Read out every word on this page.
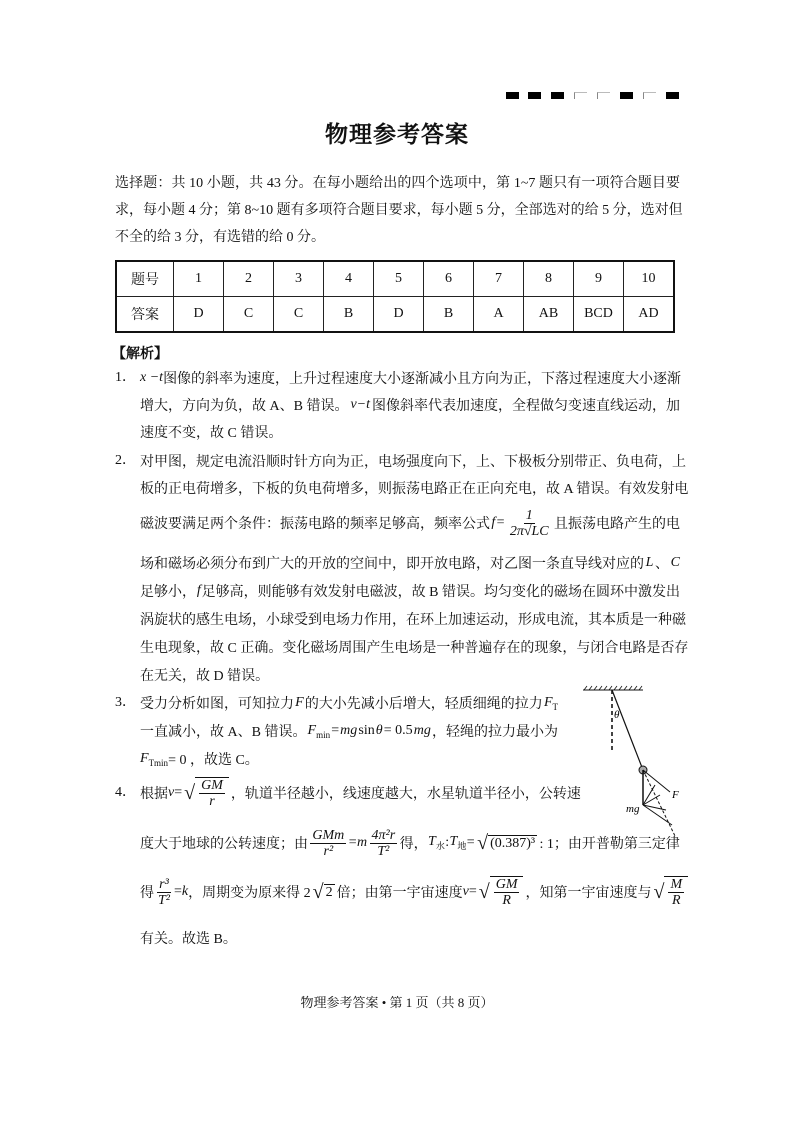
物理参考答案
选择题：共 10 小题，共 43 分。在每小题给出的四个选项中，第 1~7 题只有一项符合题目要
求，每小题 4 分；第 8~10 题有多项符合题目要求，每小题 5 分，全部选对的给 5 分，选对但
不全的给 3 分，有选错的给 0 分。
题号	1	2	3	4	5	6	7	8	9	10
答案	D	C	C	B	D	B	A	AB	BCD	AD
【解析】
1． x −t 图像的斜率为速度，上升过程速度大小逐渐减小且方向为正，下落过程速度大小逐渐
增大，方向为负，故 A、B 错误。 v−t 图像斜率代表加速度，全程做匀变速直线运动，加
速度不变，故 C 错误。
2． 对甲图，规定电流沿顺时针方向为正，电场强度向下，上、下极板分别带正、负电荷，上
板的正电荷增多，下板的负电荷增多，则振荡电路正在正向充电，故 A 错误。有效发射电
磁波要满足两个条件：振荡电路的频率足够高，频率公式 $f = \frac{1}{2\pi√LC}$ 且振荡电路产生的电
场和磁场必须分布到广大的开放的空间中，即开放电路，对乙图一条直导线对应的 L 、 C
足够小， f 足够高，则能够有效发射电磁波，故 B 错误。均匀变化的磁场在圆环中激发出
涡旋状的感生电场，小球受到电场力作用，在环上加速运动，形成电流，其本质是一种磁
生电现象，故 C 正确。变化磁场周围产生电场是一种普遍存在的现象，与闭合电路是否存
在无关，故 D 错误。
3． 受力分析如图，可知拉力 F 的大小先减小后增大，轻质细绳的拉力 $F_T$
一直减小，故 A、B 错误。 $F_{min}$ = mg sin θ = 0.5 mg ，轻绳的拉力最小为
$F_{Tmin} = 0$ ，故选 C。
4． 根据 v = √ $\frac{GM}{r}$ ，轨道半径越小，线速度越大，水星轨道半径小，公转速
度大于地球的公转速度；由 $\frac{\text{GMm}}{\text{r²}} = m \frac{\text{4π²r}}{\text{T²}}$ 得， $T_水$ : $T_地$ = √ (0.387)³ : 1；由开普勒第三定律
得 $\frac{\text{r³}}{\text{T²}} = k$ ，周期变为原来得 2 √ 2 倍；由第一宇宙速度 v = √ $\frac{GM}{R}$ ，知第一宇宙速度与 √ $\frac{M}{R}$
有关。故选 B。
θ
F
mg
物理参考答案 • 第 1 页（共 8 页）
